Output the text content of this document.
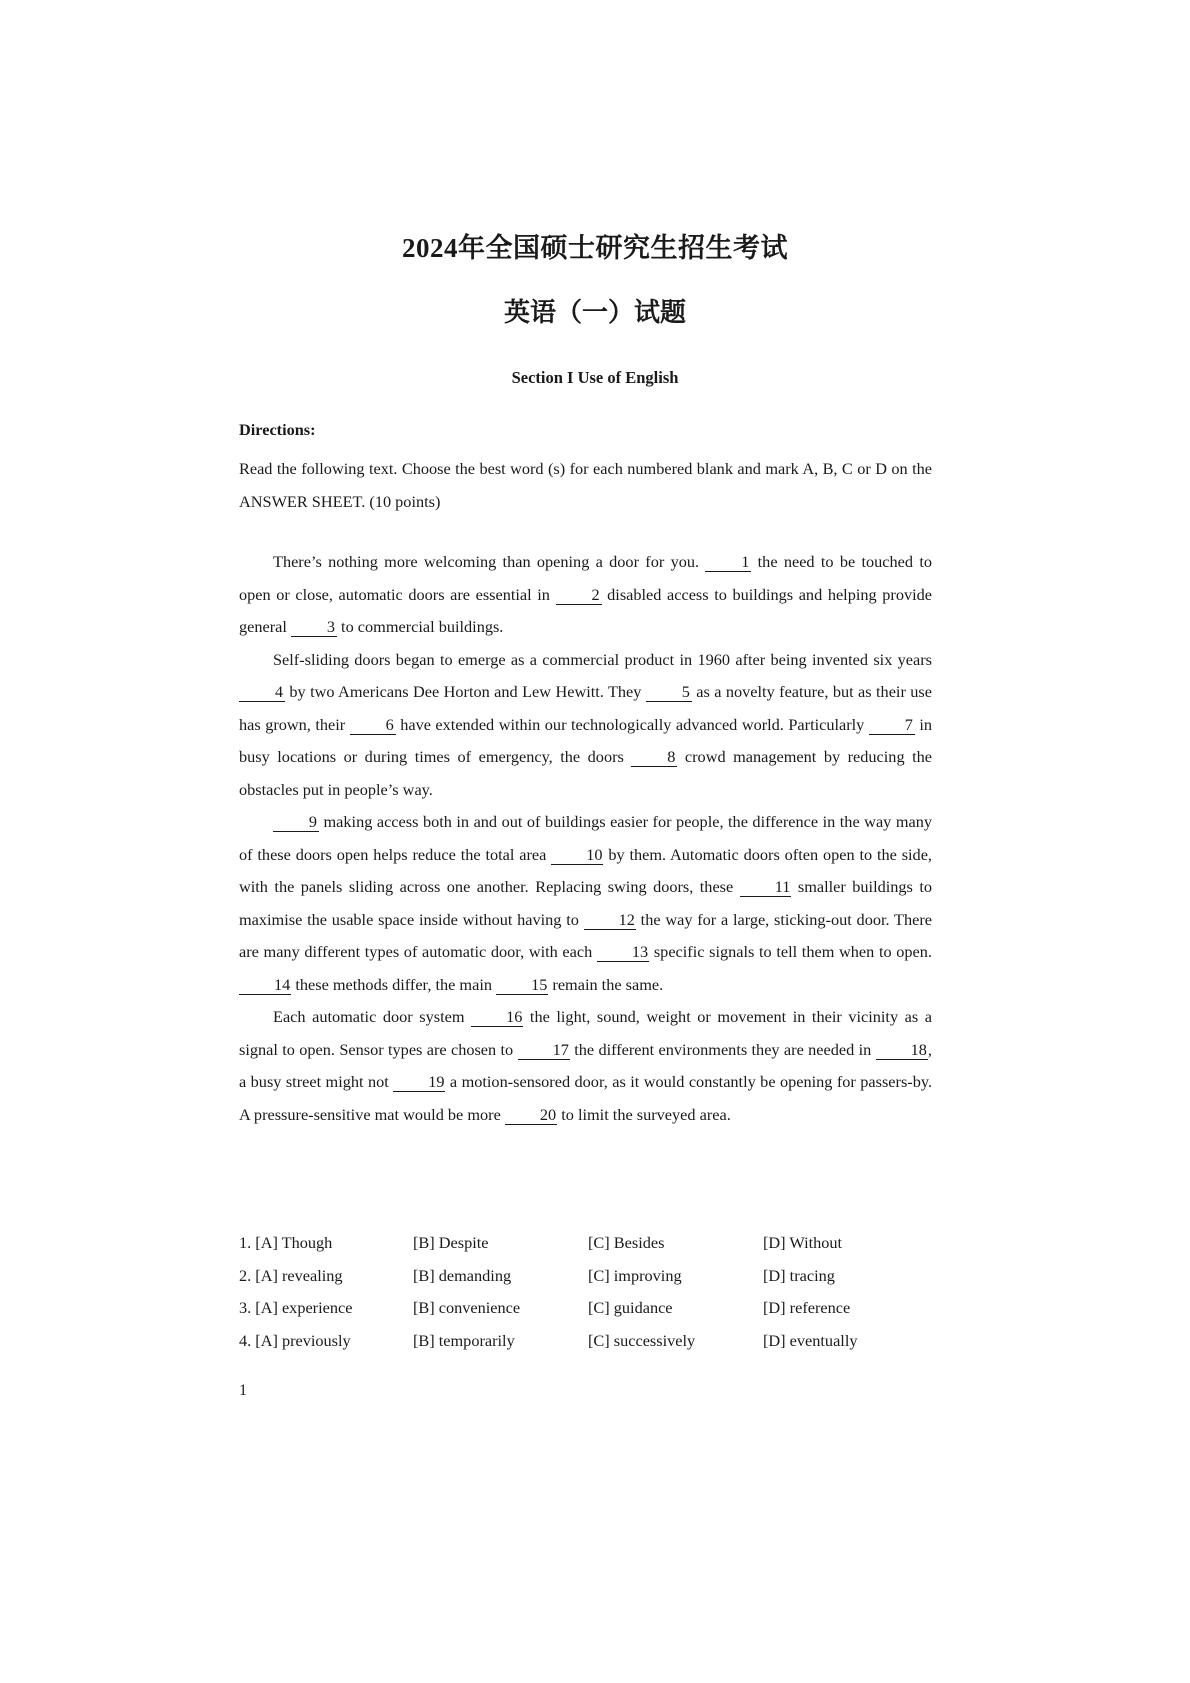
2024年全国硕士研究生招生考试
英语（一）试题
Section I Use of English
Directions:
Read the following text. Choose the best word (s) for each numbered blank and mark A, B, C or D on the ANSWER SHEET. (10 points)

There’s nothing more welcoming than opening a door for you. 1 the need to be touched to open or close, automatic doors are essential in 2 disabled access to buildings and helping provide general 3 to commercial buildings.

Self-sliding doors began to emerge as a commercial product in 1960 after being invented six years 4 by two Americans Dee Horton and Lew Hewitt. They 5 as a novelty feature, but as their use has grown, their 6 have extended within our technologically advanced world. Particularly 7 in busy locations or during times of emergency, the doors 8 crowd management by reducing the obstacles put in people’s way.

9 making access both in and out of buildings easier for people, the difference in the way many of these doors open helps reduce the total area 10 by them. Automatic doors often open to the side, with the panels sliding across one another. Replacing swing doors, these 11 smaller buildings to maximise the usable space inside without having to 12 the way for a large, sticking-out door. There are many different types of automatic door, with each 13 specific signals to tell them when to open. 14 these methods differ, the main 15 remain the same.

Each automatic door system 16 the light, sound, weight or movement in their vicinity as a signal to open. Sensor types are chosen to 17 the different environments they are needed in 18, a busy street might not 19 a motion-sensored door, as it would constantly be opening for passers-by. A pressure-sensitive mat would be more 20 to limit the surveyed area.

1. [A] Though	[B] Despite	[C] Besides	[D] Without
2. [A] revealing	[B] demanding	[C] improving	[D] tracing
3. [A] experience	[B] convenience	[C] guidance	[D] reference
4. [A] previously	[B] temporarily	[C] successively	[D] eventually
1
